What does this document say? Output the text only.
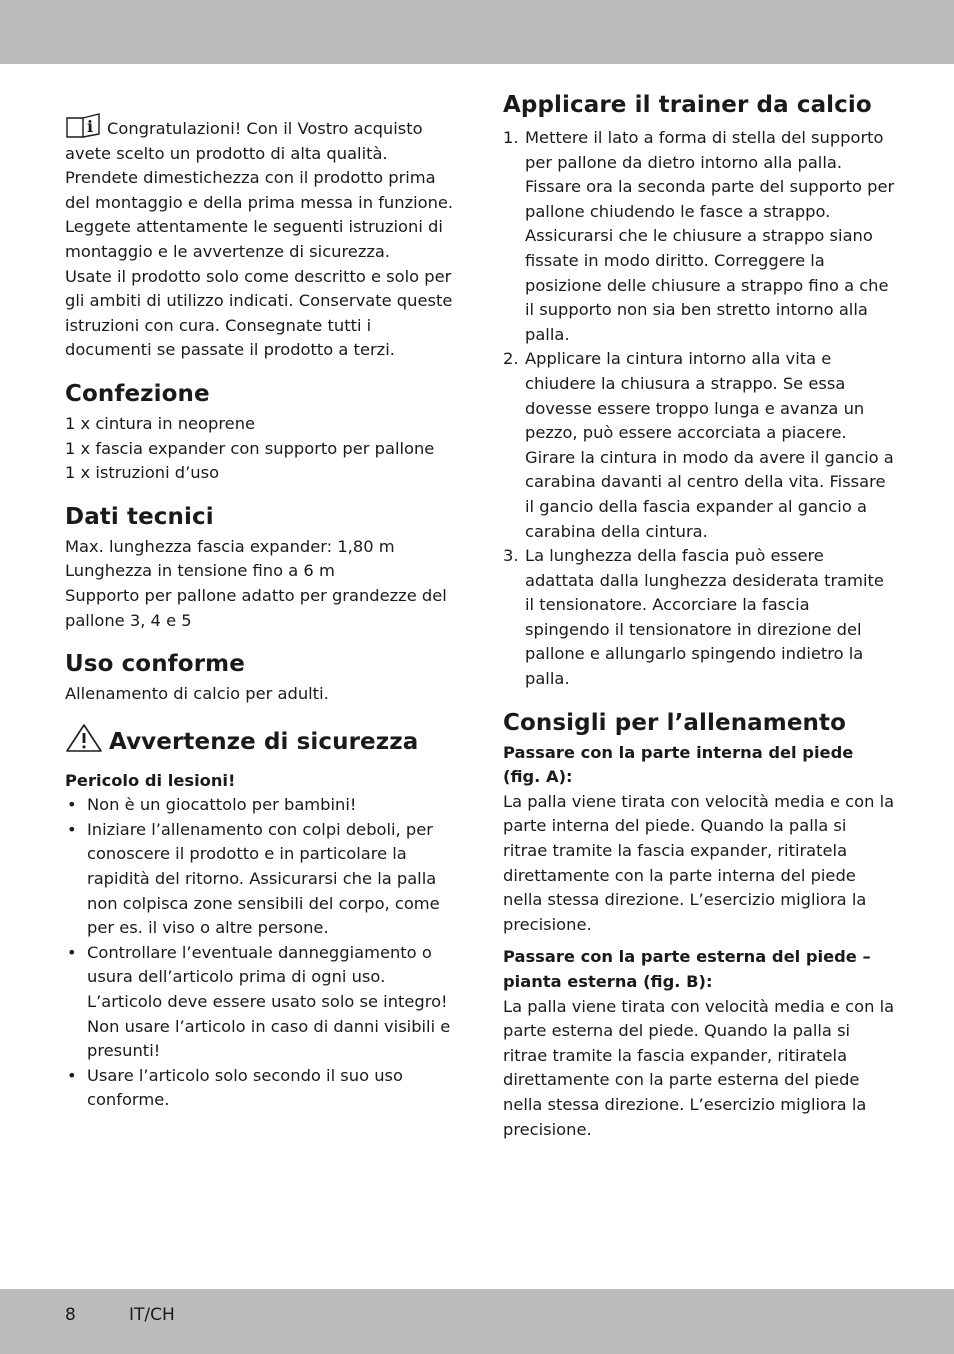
i Congratulazioni! Con il Vostro acquisto avete scelto un prodotto di alta qualità. Prendete dimestichezza con il prodotto prima del montaggio e della prima messa in funzione. Leggete attentamente le seguenti istruzioni di montaggio e le avvertenze di sicurezza.

Usate il prodotto solo come descritto e solo per gli ambiti di utilizzo indicati. Conservate queste istruzioni con cura. Consegnate tutti i documenti se passate il prodotto a terzi.

Confezione

1 x cintura in neoprene

1 x fascia expander con supporto per pallone

1 x istruzioni d’uso

Dati tecnici

Max. lunghezza fascia expander: 1,80 m

Lunghezza in tensione fino a 6 m

Supporto per pallone adatto per grandezze del pallone 3, 4 e 5

Uso conforme

Allenamento di calcio per adulti.

Avvertenze di sicurezza
Pericolo di lesioni!
• Non è un giocattolo per bambini!
• Iniziare l’allenamento con colpi deboli, per conoscere il prodotto e in particolare la rapidità del ritorno. Assicurarsi che la palla non colpisca zone sensibili del corpo, come per es. il viso o altre persone.
• Controllare l’eventuale danneggiamento o usura dell’articolo prima di ogni uso. L’articolo deve essere usato solo se integro! Non usare l’articolo in caso di danni visibili e presunti!
• Usare l’articolo solo secondo il suo uso conforme.
Applicare il trainer da calcio
1. Mettere il lato a forma di stella del supporto per pallone da dietro intorno alla palla. Fissare ora la seconda parte del supporto per pallone chiudendo le fasce a strappo. Assicurarsi che le chiusure a strappo siano fissate in modo diritto. Correggere la posizione delle chiusure a strappo fino a che il supporto non sia ben stretto intorno alla palla.
2. Applicare la cintura intorno alla vita e chiudere la chiusura a strappo. Se essa dovesse essere troppo lunga e avanza un pezzo, può essere accorciata a piacere. Girare la cintura in modo da avere il gancio a carabina davanti al centro della vita. Fissare il gancio della fascia expander al gancio a carabina della cintura.
3. La lunghezza della fascia può essere adattata dalla lunghezza desiderata tramite il tensionatore. Accorciare la fascia spingendo il tensionatore in direzione del pallone e allungarlo spingendo indietro la palla.
Consigli per l’allenamento

Passare con la parte interna del piede (fig. A):

La palla viene tirata con velocità media e con la parte interna del piede. Quando la palla si ritrae tramite la fascia expander, ritiratela direttamente con la parte interna del piede nella stessa direzione. L’esercizio migliora la precisione.

Passare con la parte esterna del piede – pianta esterna (fig. B):

La palla viene tirata con velocità media e con la parte esterna del piede. Quando la palla si ritrae tramite la fascia expander, ritiratela direttamente con la parte esterna del piede nella stessa direzione. L’esercizio migliora la precisione.

8	IT/CH
